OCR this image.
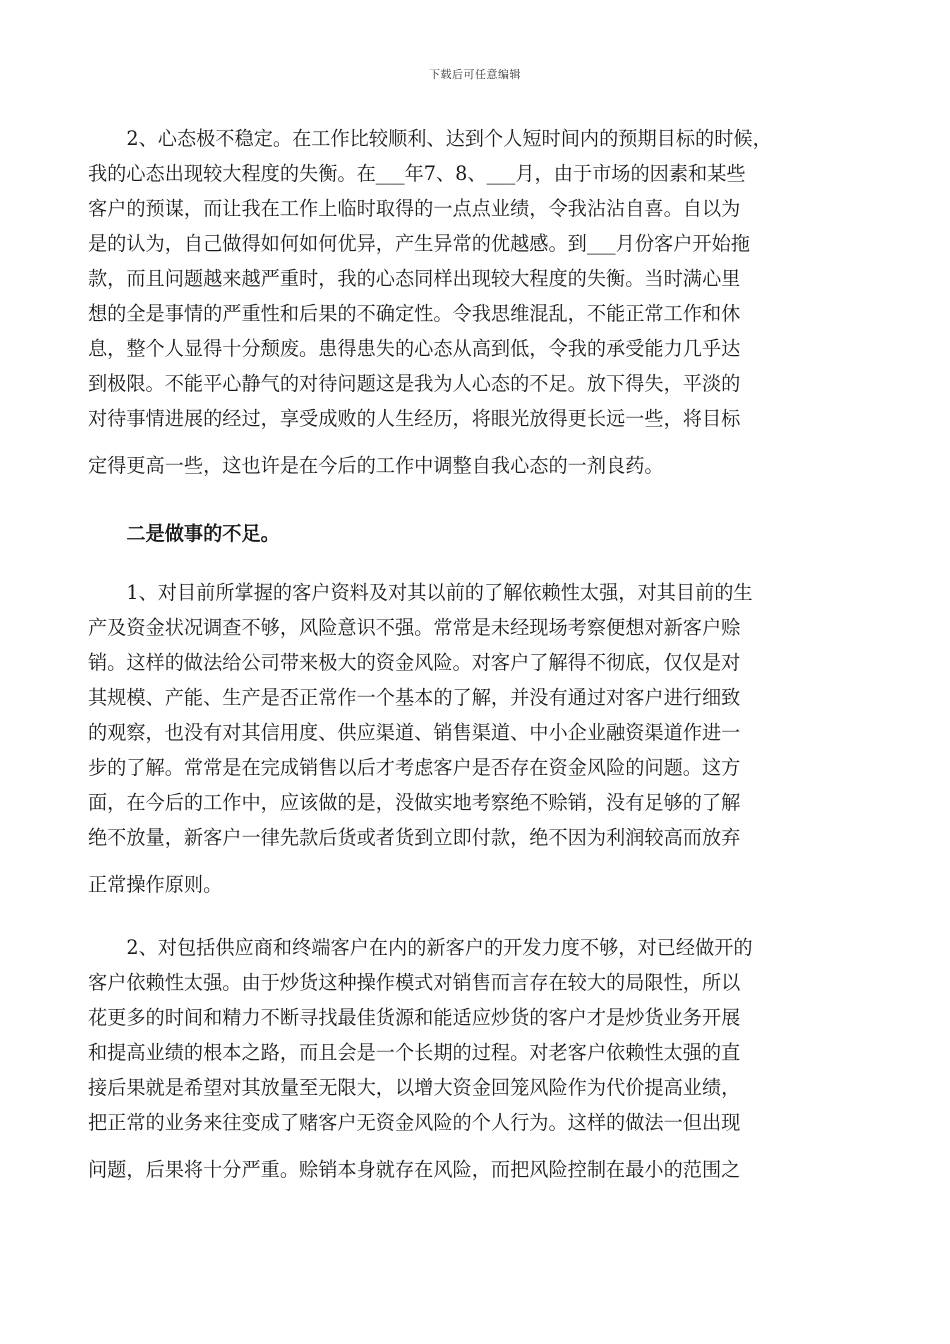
下载后可任意编辑
　　2、心态极不稳定。在工作比较顺利、达到个人短时间内的预期目标的时候，
我的心态出现较大程度的失衡。在___年7、8、___月，由于市场的因素和某些
客户的预谋，而让我在工作上临时取得的一点点业绩，令我沾沾自喜。自以为
是的认为，自己做得如何如何优异，产生异常的优越感。到___月份客户开始拖
款，而且问题越来越严重时，我的心态同样出现较大程度的失衡。当时满心里
想的全是事情的严重性和后果的不确定性。令我思维混乱，不能正常工作和休
息，整个人显得十分颓废。患得患失的心态从高到低，令我的承受能力几乎达
到极限。不能平心静气的对待问题这是我为人心态的不足。放下得失，平淡的
对待事情进展的经过，享受成败的人生经历，将眼光放得更长远一些，将目标
定得更高一些，这也许是在今后的工作中调整自我心态的一剂良药。
　　二是做事的不足。
　　1、对目前所掌握的客户资料及对其以前的了解依赖性太强，对其目前的生
产及资金状况调查不够，风险意识不强。常常是未经现场考察便想对新客户赊
销。这样的做法给公司带来极大的资金风险。对客户了解得不彻底，仅仅是对
其规模、产能、生产是否正常作一个基本的了解，并没有通过对客户进行细致
的观察，也没有对其信用度、供应渠道、销售渠道、中小企业融资渠道作进一
步的了解。常常是在完成销售以后才考虑客户是否存在资金风险的问题。这方
面，在今后的工作中，应该做的是，没做实地考察绝不赊销，没有足够的了解
绝不放量，新客户一律先款后货或者货到立即付款，绝不因为利润较高而放弃
正常操作原则。
　　2、对包括供应商和终端客户在内的新客户的开发力度不够，对已经做开的
客户依赖性太强。由于炒货这种操作模式对销售而言存在较大的局限性，所以
花更多的时间和精力不断寻找最佳货源和能适应炒货的客户才是炒货业务开展
和提高业绩的根本之路，而且会是一个长期的过程。对老客户依赖性太强的直
接后果就是希望对其放量至无限大，以增大资金回笼风险作为代价提高业绩，
把正常的业务来往变成了赌客户无资金风险的个人行为。这样的做法一但出现
问题，后果将十分严重。赊销本身就存在风险，而把风险控制在最小的范围之
